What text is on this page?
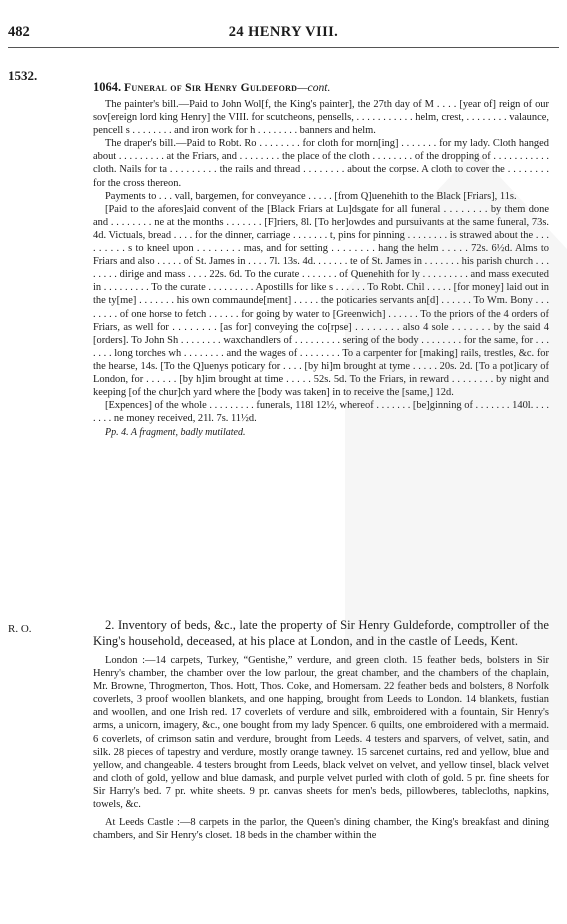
482	24 HENRY VIII.
1532.
1064. Funeral of Sir Henry Guldeford—cont.

The painter's bill.—Paid to John Wol[f, the King's painter], the 27th day of M . . . . [year of] reign of our sov[ereign lord king Henry] the VIII. for scutcheons, pensells, . . . . . . . . . . . helm, crest, . . . . . . . . valaunce, pencell s . . . . . . . . and iron work for h . . . . . . . . banners and helm.

The draper's bill.—Paid to Robt. Ro . . . . . . . . for cloth for morn[ing] . . . . . . . for my lady. Cloth hanged about . . . . . . . . . at the Friars, and . . . . . . . . the place of the cloth . . . . . . . . of the dropping of . . . . . . . . . . . cloth. Nails for ta . . . . . . . . . the rails and thread . . . . . . . . about the corpse. A cloth to cover the . . . . . . . . for the cross thereon.

Payments to . . . vall, bargemen, for conveyance . . . . . [from Q]uenehith to the Black [Friars], 11s.

[Paid to the afores]aid convent of the [Black Friars at Lu]dsgate for all funeral . . . . . . . . by them done and . . . . . . . . ne at the months . . . . . . . [F]riers, 8l. [To her]owdes and pursuivants at the same funeral, 73s. 4d. Victuals, bread . . . . for the dinner, carriage . . . . . . . t, pins for pinning . . . . . . . . is strawed about the . . . . . . . . . s to kneel upon . . . . . . . . mas, and for setting . . . . . . . . hang the helm . . . . . 72s. 6½d. Alms to Friars and also . . . . . of St. James in . . . . 7l. 13s. 4d. . . . . . . te of St. James in . . . . . . . his parish church . . . . . . . . dirige and mass . . . . 22s. 6d. To the curate . . . . . . . of Quenehith for ly . . . . . . . . . and mass executed in . . . . . . . . . To the curate . . . . . . . . . Apostills for like s . . . . . . To Robt. Chil . . . . . [for money] laid out in the ty[me] . . . . . . . his own commaunde[ment] . . . . . the poticaries servants an[d] . . . . . . To Wm. Bony . . . . . . . . of one horse to fetch . . . . . . for going by water to [Greenwich] . . . . . . To the priors of the 4 orders of Friars, as well for . . . . . . . . [as for] conveying the co[rpse] . . . . . . . . also 4 sole . . . . . . . by the said 4 [orders]. To John Sh . . . . . . . . waxchandlers of . . . . . . . . . sering of the body . . . . . . . . for the same, for . . . . . . . long torches wh . . . . . . . . and the wages of . . . . . . . . To a carpenter for [making] rails, trestles, &c. for the hearse, 14s. [To the Q]uenys poticary for . . . . [by hi]m brought at tyme . . . . . 20s. 2d. [To a pot]icary of London, for . . . . . . [by h]im brought at time . . . . . 52s. 5d. To the Friars, in reward . . . . . . . . by night and keeping [of the chur]ch yard where the [body was taken] in to receive the [same,] 12d.

[Expences] of the whole . . . . . . . . . funerals, 118l 12½, whereof . . . . . . . [be]ginning of . . . . . . . 140l. . . . . . . . ne money received, 21l. 7s. 11½d.

Pp. 4. A fragment, badly mutilated.

R. O.	2. Inventory of beds, &c., late the property of Sir Henry Guldeforde, comptroller of the King's household, deceased, at his place at London, and in the castle of Leeds, Kent.

London :—14 carpets, Turkey, “Gentishe,” verdure, and green cloth. 15 feather beds, bolsters in Sir Henry's chamber, the chamber over the low parlour, the great chamber, and the chambers of the chaplain, Mr. Browne, Throgmerton, Thos. Hott, Thos. Coke, and Homersam. 22 feather beds and bolsters, 8 Norfolk coverlets, 3 proof woollen blankets, and one happing, brought from Leeds to London. 14 blankets, fustian and woollen, and one Irish red. 17 coverlets of verdure and silk, embroidered with a fountain, Sir Henry's arms, a unicorn, imagery, &c., one bought from my lady Spencer. 6 quilts, one embroidered with a mermaid. 6 coverlets, of crimson satin and verdure, brought from Leeds. 4 testers and sparvers, of velvet, satin, and silk. 28 pieces of tapestry and verdure, mostly orange tawney. 15 sarcenet curtains, red and yellow, blue and yellow, and changeable. 4 testers brought from Leeds, black velvet on velvet, and yellow tinsel, black velvet and cloth of gold, yellow and blue damask, and purple velvet purled with cloth of gold. 5 pr. fine sheets for Sir Harry's bed. 7 pr. white sheets. 9 pr. canvas sheets for men's beds, pillowberes, tablecloths, napkins, towels, &c.

At Leeds Castle :—8 carpets in the parlor, the Queen's dining chamber, the King's breakfast and dining chambers, and Sir Henry's closet. 18 beds in the chamber within the
